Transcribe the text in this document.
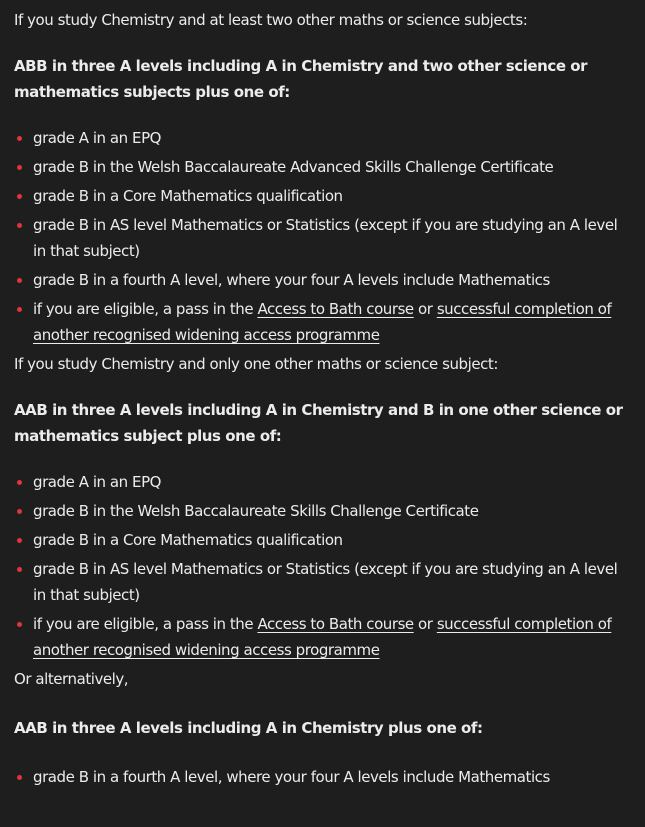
If you study Chemistry and at least two other maths or science subjects:

ABB in three A levels including A in Chemistry and two other science or mathematics subjects plus one of:

grade A in an EPQ
grade B in the Welsh Baccalaureate Advanced Skills Challenge Certificate
grade B in a Core Mathematics qualification
grade B in AS level Mathematics or Statistics (except if you are studying an A level in that subject)
grade B in a fourth A level, where your four A levels include Mathematics
if you are eligible, a pass in the Access to Bath course or successful completion of another recognised widening access programme

If you study Chemistry and only one other maths or science subject:

AAB in three A levels including A in Chemistry and B in one other science or mathematics subject plus one of:

grade A in an EPQ
grade B in the Welsh Baccalaureate Skills Challenge Certificate
grade B in a Core Mathematics qualification
grade B in AS level Mathematics or Statistics (except if you are studying an A level in that subject)
if you are eligible, a pass in the Access to Bath course or successful completion of another recognised widening access programme

Or alternatively,

AAB in three A levels including A in Chemistry plus one of:

grade B in a fourth A level, where your four A levels include Mathematics
